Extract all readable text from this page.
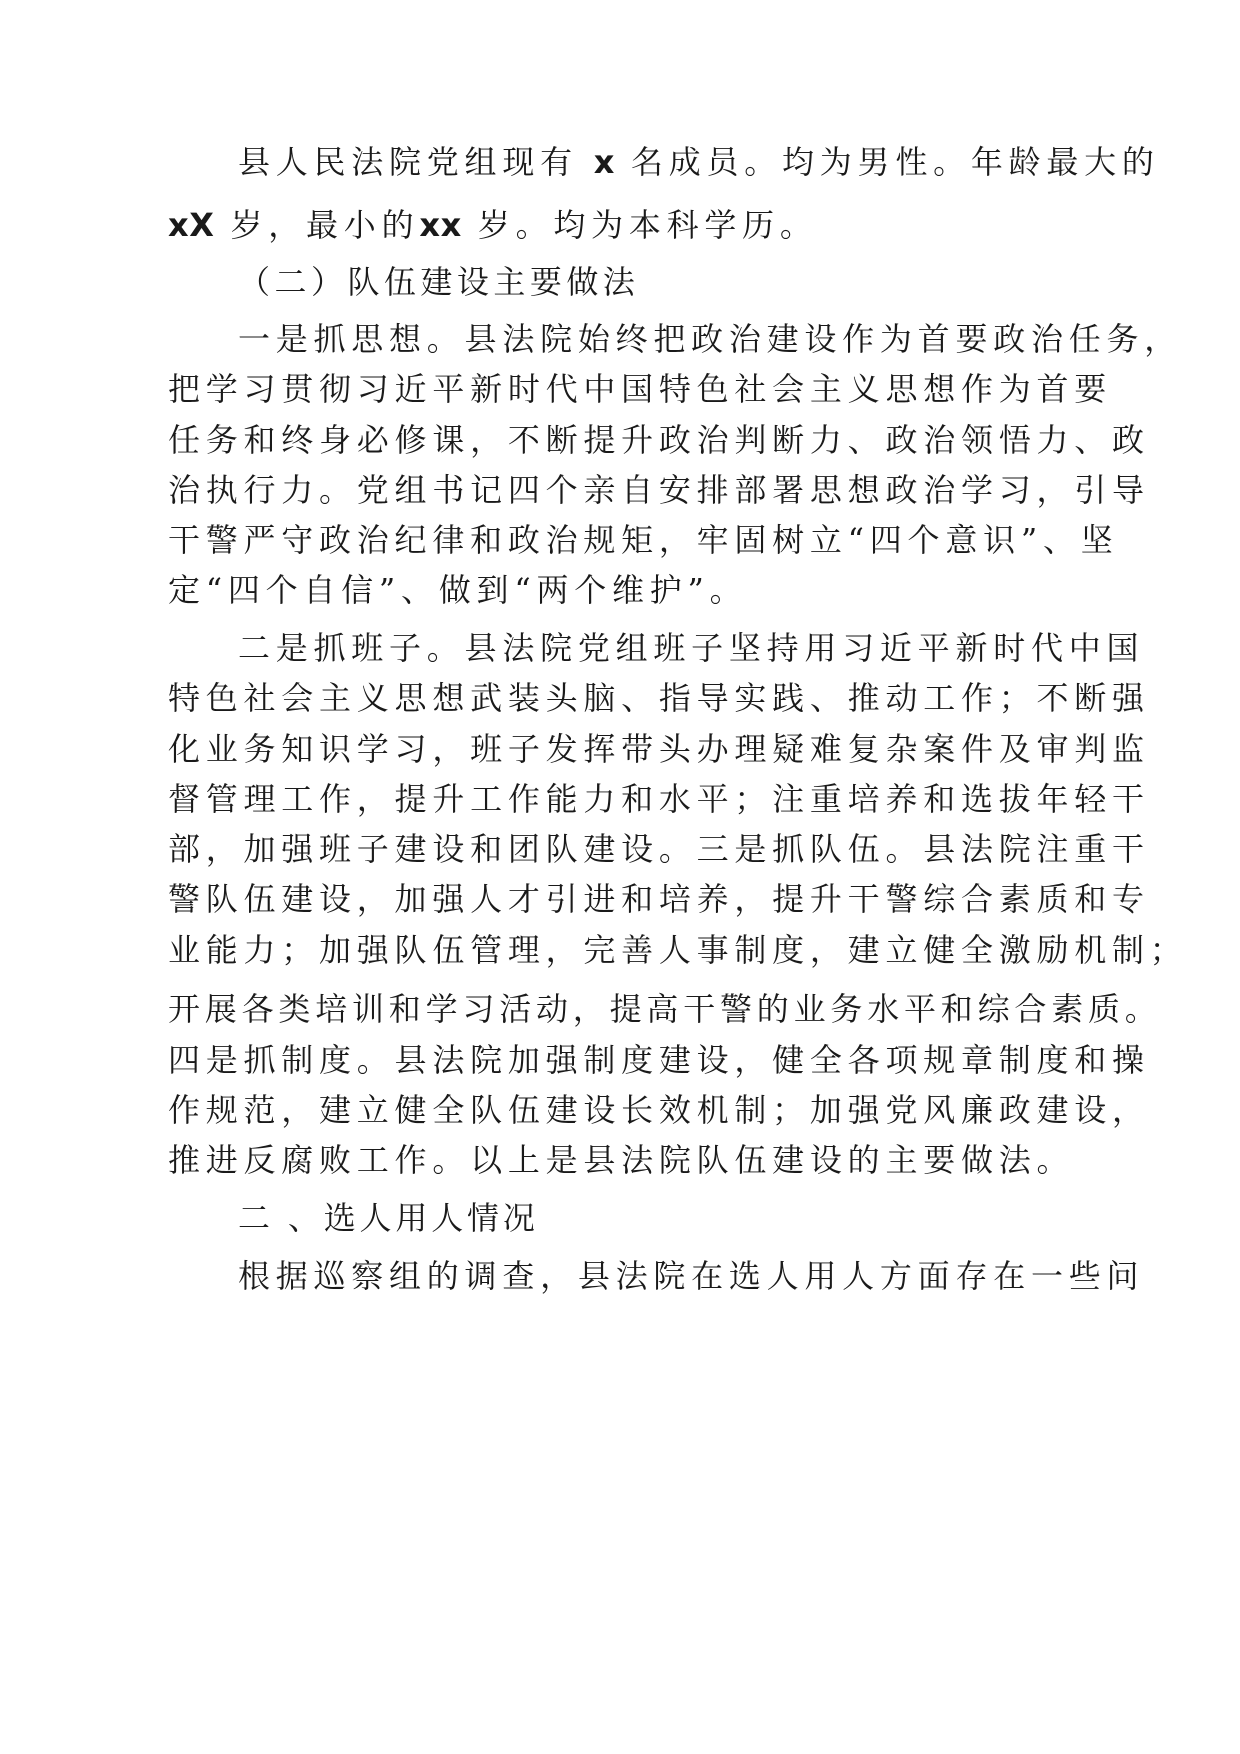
县人民法院党组现有 x 名成员。均为男性。年龄最大的

xX 岁，最小的xx 岁。均为本科学历。

（二）队伍建设主要做法

一是抓思想。县法院始终把政治建设作为首要政治任务，

把学习贯彻习近平新时代中国特色社会主义思想作为首要

任务和终身必修课，不断提升政治判断力、政治领悟力、政

治执行力。党组书记四个亲自安排部署思想政治学习，引导

干警严守政治纪律和政治规矩，牢固树立“四个意识”、坚

定“四个自信”、做到“两个维护”。

二是抓班子。县法院党组班子坚持用习近平新时代中国

特色社会主义思想武装头脑、指导实践、推动工作；不断强

化业务知识学习，班子发挥带头办理疑难复杂案件及审判监

督管理工作，提升工作能力和水平；注重培养和选拔年轻干

部，加强班子建设和团队建设。三是抓队伍。县法院注重干

警队伍建设，加强人才引进和培养，提升干警综合素质和专

业能力；加强队伍管理，完善人事制度，建立健全激励机制；

开展各类培训和学习活动，提高干警的业务水平和综合素质。

四是抓制度。县法院加强制度建设，健全各项规章制度和操

作规范，建立健全队伍建设长效机制；加强党风廉政建设，

推进反腐败工作。以上是县法院队伍建设的主要做法。

二 、选人用人情况

根据巡察组的调查，县法院在选人用人方面存在一些问
